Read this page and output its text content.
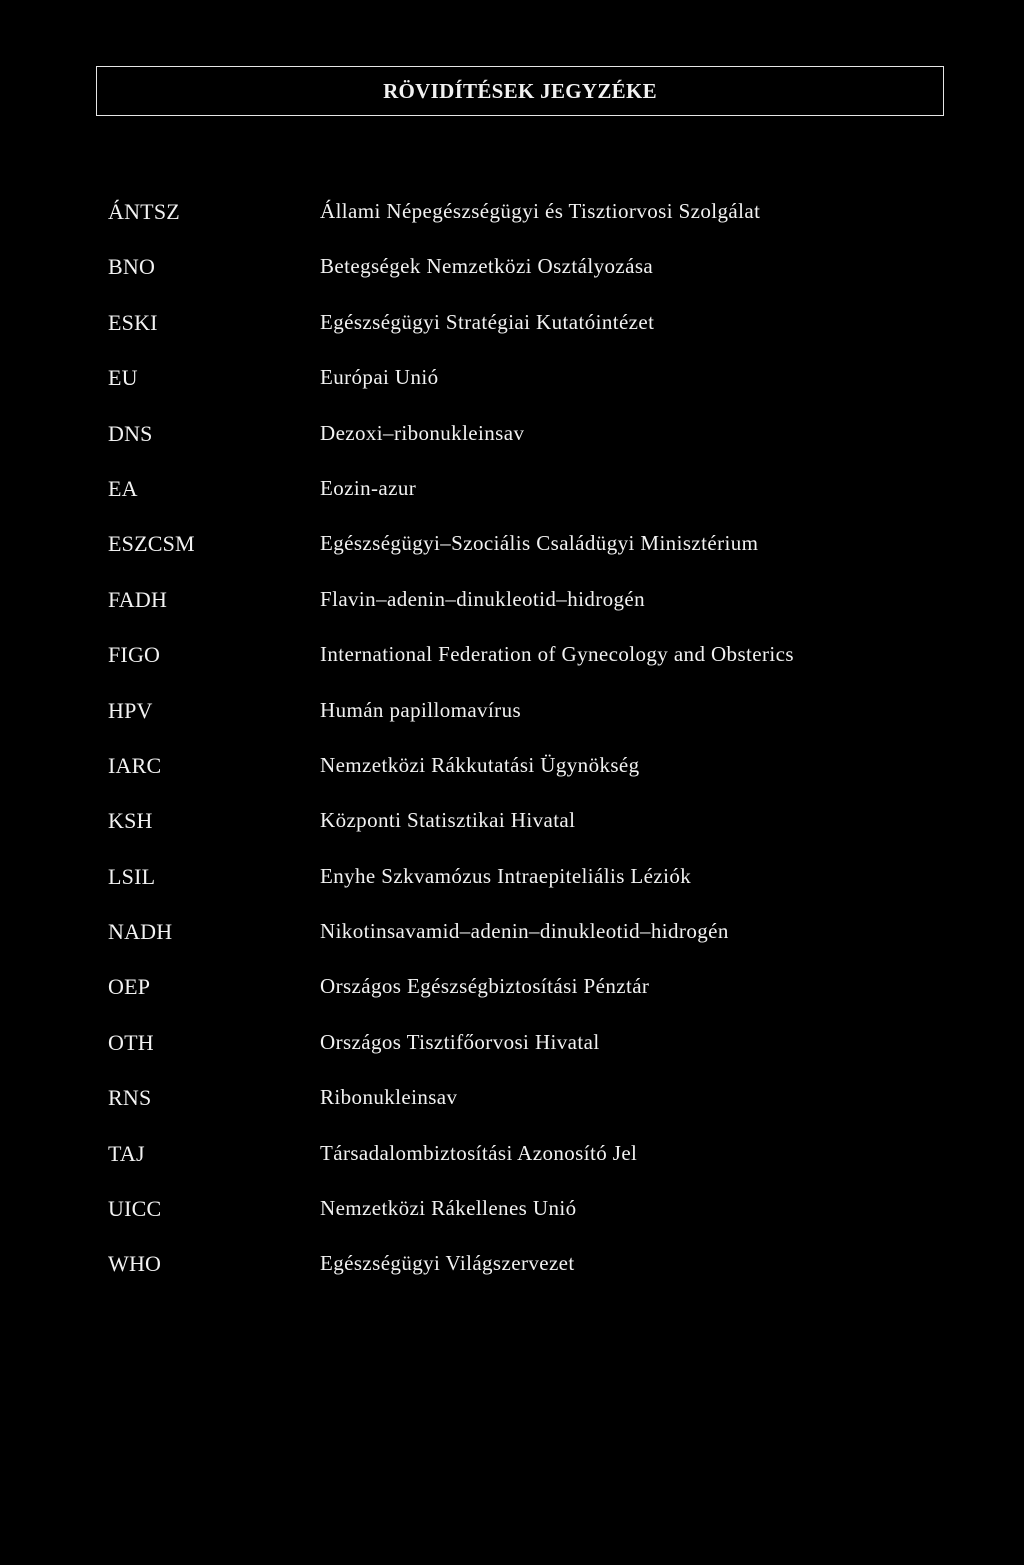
RÖVIDÍTÉSEK JEGYZÉKE
ÁNTSZ	Állami Népegészségügyi és Tisztiorvosi Szolgálat
BNO	Betegségek Nemzetközi Osztályozása
ESKI	Egészségügyi Stratégiai Kutatóintézet
EU	Európai Unió
DNS	Dezoxi–ribonukleinsav
EA	Eozin-azur
ESZCSM	Egészségügyi–Szociális Családügyi Minisztérium
FADH	Flavin–adenin–dinukleotid–hidrogén
FIGO	International Federation of Gynecology and Obsterics
HPV	Humán papillomavírus
IARC	Nemzetközi Rákkutatási Ügynökség
KSH	Központi Statisztikai Hivatal
LSIL	Enyhe Szkvamózus Intraepiteliális Léziók
NADH	Nikotinsavamid–adenin–dinukleotid–hidrogén
OEP	Országos Egészségbiztosítási Pénztár
OTH	Országos Tisztifőorvosi Hivatal
RNS	Ribonukleinsav
TAJ	Társadalombiztosítási Azonosító Jel
UICC	Nemzetközi Rákellenes Unió
WHO	Egészségügyi Világszervezet
